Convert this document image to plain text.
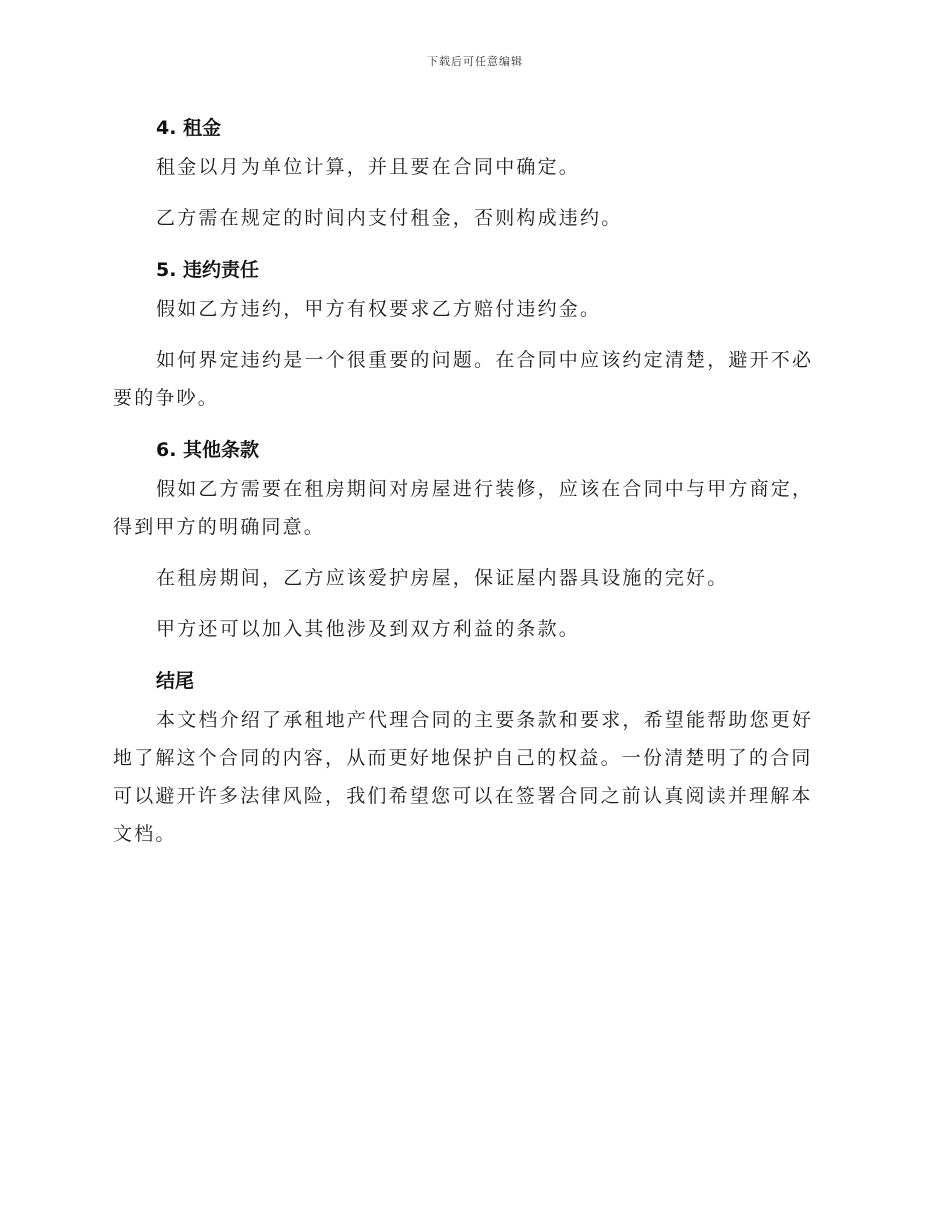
下载后可任意编辑
4. 租金

租金以月为单位计算，并且要在合同中确定。

乙方需在规定的时间内支付租金，否则构成违约。

5. 违约责任

假如乙方违约，甲方有权要求乙方赔付违约金。

如何界定违约是一个很重要的问题。在合同中应该约定清楚，避开不必要的争吵。

6. 其他条款

假如乙方需要在租房期间对房屋进行装修，应该在合同中与甲方商定，得到甲方的明确同意。

在租房期间，乙方应该爱护房屋，保证屋内器具设施的完好。

甲方还可以加入其他涉及到双方利益的条款。

结尾

本文档介绍了承租地产代理合同的主要条款和要求，希望能帮助您更好地了解这个合同的内容，从而更好地保护自己的权益。一份清楚明了的合同可以避开许多法律风险，我们希望您可以在签署合同之前认真阅读并理解本文档。
